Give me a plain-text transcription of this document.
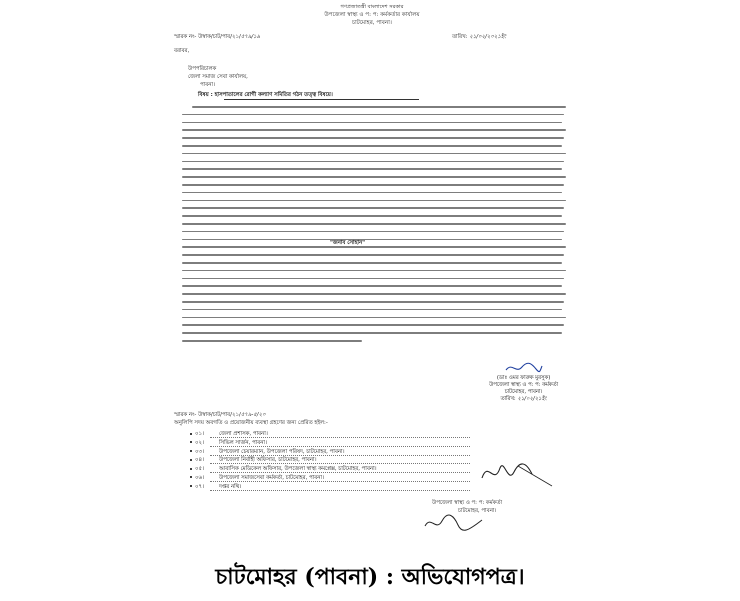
গণপ্রজাতন্ত্রী বাংলাদেশ সরকার
উপজেলা স্বাস্থ্য ও প: প: কর্মকর্তার কার্যালয়
চাটমোহর, পাবনা।
স্মারক নং- উস্বাক/চাট/পাব/২১/৫৭৯/১৯	তারিখ: ২১/০২/২০২১ইং
বরাবর,
উপপরিচালক
জেলা সমাজ সেবা কার্যালয়,
পাবনা।
বিষয় : হাসপাতালের রোগী কল্যাণ সমিতির গঠন তত্ত্ব বিষয়ে।
"জনাব সোহান"
(ডাঃ ওমর ফারুক মুরসুক)
উপজেলা স্বাস্থ্য ও প: প: কর্মকর্তা
চাটমোহর, পাবনা।
তারিখ: ২১/০২/২১ইং
স্মারক নং- উস্বাক/চাট/পাব/২১/৫৭৯-৫/২০
অনুলিপি সদয় অবগতি ও প্রয়োজনীয় ব্যবস্থা গ্রহণের জন্য প্রেরিত হইল:-
০১।	জেলা প্রশাসক, পাবনা।
০২।	সিভিল সার্জন, পাবনা।
০৩।	উপজেলা চেয়ারম্যান, উপজেলা পরিষদ, চাটমোহর, পাবনা।
০৪।	উপজেলা নির্বাহী অফিসার, চাটমোহর, পাবনা।
০৫।	আবাসিক মেডিকেল অফিসার, উপজেলা স্বাস্থ্য কমপ্লেক্স, চাটমোহর, পাবনা।
০৬।	উপজেলা সমাজসেবা কর্মকর্তা, চাটমোহর, পাবনা।
০৭।	দপ্তর নথি।
উপজেলা স্বাস্থ্য ও প: প: কর্মকর্তা
চাটমোহর, পাবনা।
চাটমোহর (পাবনা) : অভিযোগপত্র।
